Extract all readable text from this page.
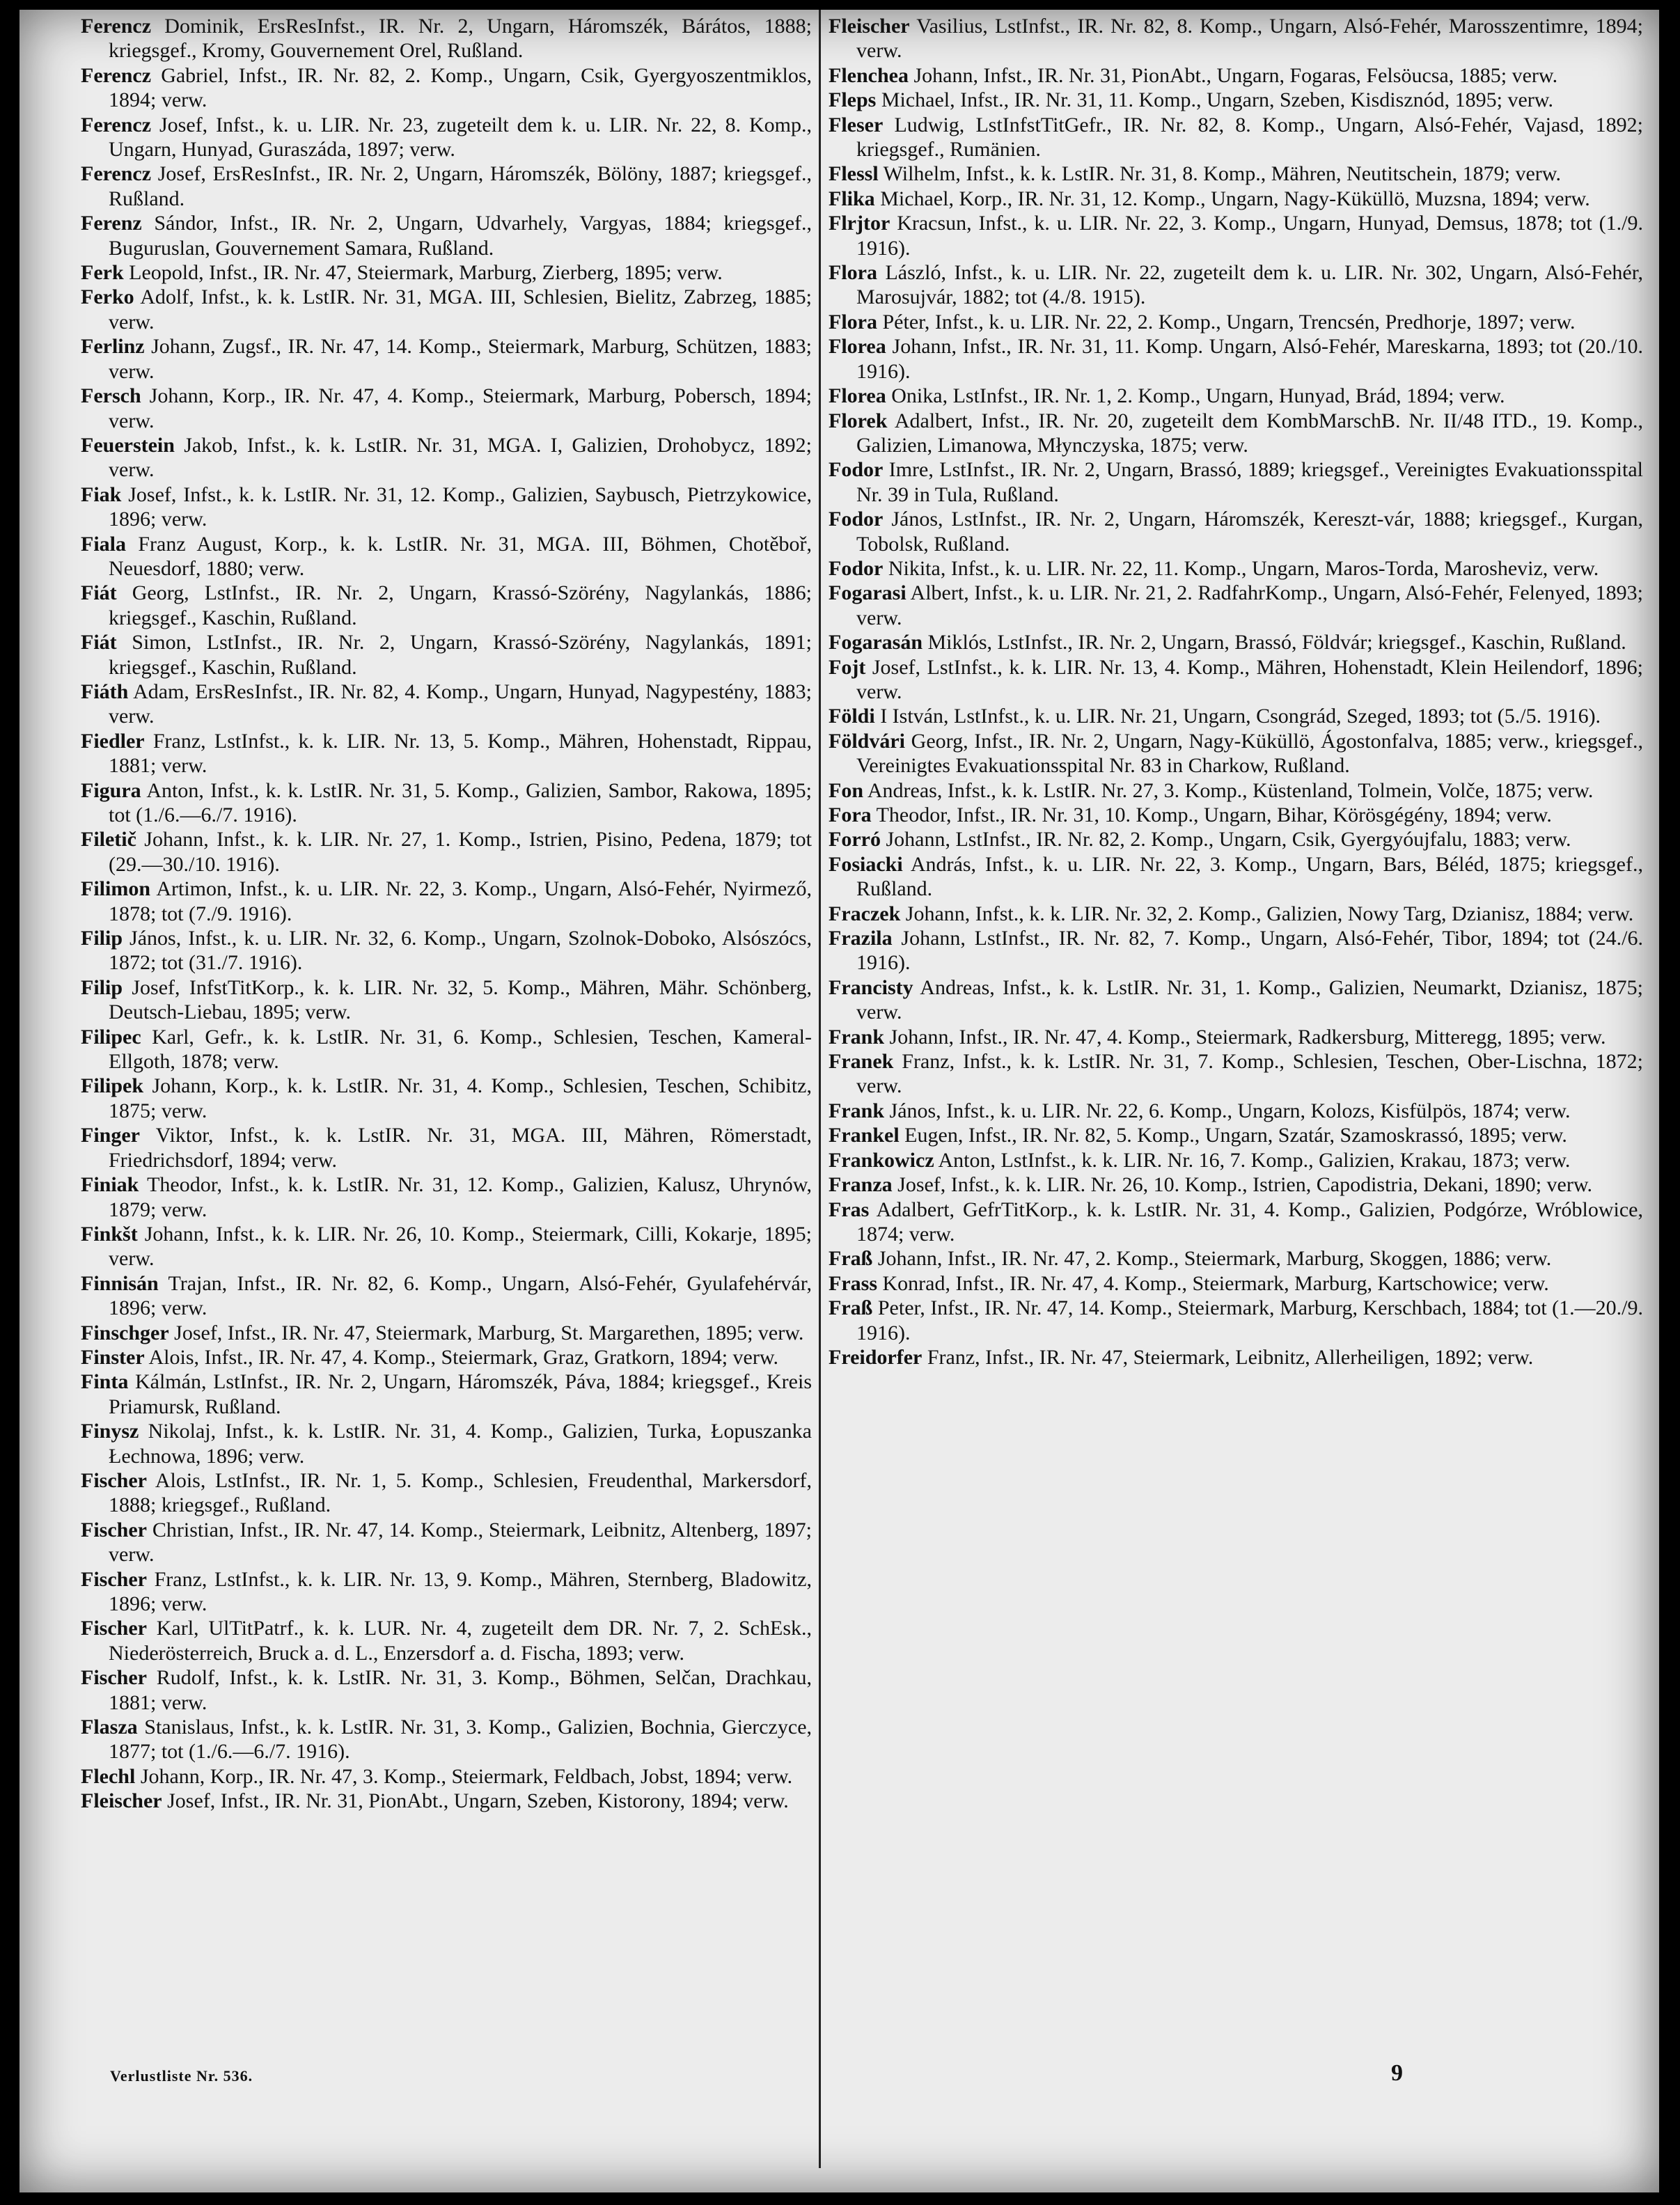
Ferencz Dominik, ErsResInfst., IR. Nr. 2, Ungarn, Háromszék, Bárátos, 1888; kriegsgef., Kromy, Gouvernement Orel, Rußland.

Ferencz Gabriel, Infst., IR. Nr. 82, 2. Komp., Ungarn, Csik, Gyergyoszentmiklos, 1894; verw.

Ferencz Josef, Infst., k. u. LIR. Nr. 23, zugeteilt dem k. u. LIR. Nr. 22, 8. Komp., Ungarn, Hunyad, Guraszáda, 1897; verw.

Ferencz Josef, ErsResInfst., IR. Nr. 2, Ungarn, Háromszék, Bölöny, 1887; kriegsgef., Rußland.

Ferenz Sándor, Infst., IR. Nr. 2, Ungarn, Udvarhely, Vargyas, 1884; kriegsgef., Buguruslan, Gouvernement Samara, Rußland.

Ferk Leopold, Infst., IR. Nr. 47, Steiermark, Marburg, Zierberg, 1895; verw.

Ferko Adolf, Infst., k. k. LstIR. Nr. 31, MGA. III, Schlesien, Bielitz, Zabrzeg, 1885; verw.

Ferlinz Johann, Zugsf., IR. Nr. 47, 14. Komp., Steiermark, Marburg, Schützen, 1883; verw.

Fersch Johann, Korp., IR. Nr. 47, 4. Komp., Steiermark, Marburg, Pobersch, 1894; verw.

Feuerstein Jakob, Infst., k. k. LstIR. Nr. 31, MGA. I, Galizien, Drohobycz, 1892; verw.

Fiak Josef, Infst., k. k. LstIR. Nr. 31, 12. Komp., Galizien, Saybusch, Pietrzykowice, 1896; verw.

Fiala Franz August, Korp., k. k. LstIR. Nr. 31, MGA. III, Böhmen, Chotěboř, Neuesdorf, 1880; verw.

Fiát Georg, LstInfst., IR. Nr. 2, Ungarn, Krassó-Szörény, Nagylankás, 1886; kriegsgef., Kaschin, Rußland.

Fiát Simon, LstInfst., IR. Nr. 2, Ungarn, Krassó-Szörény, Nagylankás, 1891; kriegsgef., Kaschin, Rußland.

Fiáth Adam, ErsResInfst., IR. Nr. 82, 4. Komp., Ungarn, Hunyad, Nagypestény, 1883; verw.

Fiedler Franz, LstInfst., k. k. LIR. Nr. 13, 5. Komp., Mähren, Hohenstadt, Rippau, 1881; verw.

Figura Anton, Infst., k. k. LstIR. Nr. 31, 5. Komp., Galizien, Sambor, Rakowa, 1895; tot (1./6.—6./7. 1916).

Filetič Johann, Infst., k. k. LIR. Nr. 27, 1. Komp., Istrien, Pisino, Pedena, 1879; tot (29.—30./10. 1916).

Filimon Artimon, Infst., k. u. LIR. Nr. 22, 3. Komp., Ungarn, Alsó-Fehér, Nyirmező, 1878; tot (7./9. 1916).

Filip János, Infst., k. u. LIR. Nr. 32, 6. Komp., Ungarn, Szolnok-Doboko, Alsószócs, 1872; tot (31./7. 1916).

Filip Josef, InfstTitKorp., k. k. LIR. Nr. 32, 5. Komp., Mähren, Mähr. Schönberg, Deutsch-Liebau, 1895; verw.

Filipec Karl, Gefr., k. k. LstIR. Nr. 31, 6. Komp., Schlesien, Teschen, Kameral-Ellgoth, 1878; verw.

Filipek Johann, Korp., k. k. LstIR. Nr. 31, 4. Komp., Schlesien, Teschen, Schibitz, 1875; verw.

Finger Viktor, Infst., k. k. LstIR. Nr. 31, MGA. III, Mähren, Römerstadt, Friedrichsdorf, 1894; verw.

Finiak Theodor, Infst., k. k. LstIR. Nr. 31, 12. Komp., Galizien, Kalusz, Uhrynów, 1879; verw.

Finkšt Johann, Infst., k. k. LIR. Nr. 26, 10. Komp., Steiermark, Cilli, Kokarje, 1895; verw.

Finnisán Trajan, Infst., IR. Nr. 82, 6. Komp., Ungarn, Alsó-Fehér, Gyulafehérvár, 1896; verw.

Finschger Josef, Infst., IR. Nr. 47, Steiermark, Marburg, St. Margarethen, 1895; verw.

Finster Alois, Infst., IR. Nr. 47, 4. Komp., Steiermark, Graz, Gratkorn, 1894; verw.

Finta Kálmán, LstInfst., IR. Nr. 2, Ungarn, Háromszék, Páva, 1884; kriegsgef., Kreis Priamursk, Rußland.

Finysz Nikolaj, Infst., k. k. LstIR. Nr. 31, 4. Komp., Galizien, Turka, Łopuszanka Łechnowa, 1896; verw.

Fischer Alois, LstInfst., IR. Nr. 1, 5. Komp., Schlesien, Freudenthal, Markersdorf, 1888; kriegsgef., Rußland.

Fischer Christian, Infst., IR. Nr. 47, 14. Komp., Steiermark, Leibnitz, Altenberg, 1897; verw.

Fischer Franz, LstInfst., k. k. LIR. Nr. 13, 9. Komp., Mähren, Sternberg, Bladowitz, 1896; verw.

Fischer Karl, UlTitPatrf., k. k. LUR. Nr. 4, zugeteilt dem DR. Nr. 7, 2. SchEsk., Niederösterreich, Bruck a. d. L., Enzersdorf a. d. Fischa, 1893; verw.

Fischer Rudolf, Infst., k. k. LstIR. Nr. 31, 3. Komp., Böhmen, Selčan, Drachkau, 1881; verw.

Flasza Stanislaus, Infst., k. k. LstIR. Nr. 31, 3. Komp., Galizien, Bochnia, Gierczyce, 1877; tot (1./6.—6./7. 1916).

Flechl Johann, Korp., IR. Nr. 47, 3. Komp., Steiermark, Feldbach, Jobst, 1894; verw.

Fleischer Josef, Infst., IR. Nr. 31, PionAbt., Ungarn, Szeben, Kistorony, 1894; verw.

Fleischer Vasilius, LstInfst., IR. Nr. 82, 8. Komp., Ungarn, Alsó-Fehér, Marosszentimre, 1894; verw.

Flenchea Johann, Infst., IR. Nr. 31, PionAbt., Ungarn, Fogaras, Felsöucsa, 1885; verw.

Fleps Michael, Infst., IR. Nr. 31, 11. Komp., Ungarn, Szeben, Kisdisznód, 1895; verw.

Fleser Ludwig, LstInfstTitGefr., IR. Nr. 82, 8. Komp., Ungarn, Alsó-Fehér, Vajasd, 1892; kriegsgef., Rumänien.

Flessl Wilhelm, Infst., k. k. LstIR. Nr. 31, 8. Komp., Mähren, Neutitschein, 1879; verw.

Flika Michael, Korp., IR. Nr. 31, 12. Komp., Ungarn, Nagy-Küküllö, Muzsna, 1894; verw.

Flrjtor Kracsun, Infst., k. u. LIR. Nr. 22, 3. Komp., Ungarn, Hunyad, Demsus, 1878; tot (1./9. 1916).

Flora László, Infst., k. u. LIR. Nr. 22, zugeteilt dem k. u. LIR. Nr. 302, Ungarn, Alsó-Fehér, Marosujvár, 1882; tot (4./8. 1915).

Flora Péter, Infst., k. u. LIR. Nr. 22, 2. Komp., Ungarn, Trencsén, Predhorje, 1897; verw.

Florea Johann, Infst., IR. Nr. 31, 11. Komp. Ungarn, Alsó-Fehér, Mareskarna, 1893; tot (20./10. 1916).

Florea Onika, LstInfst., IR. Nr. 1, 2. Komp., Ungarn, Hunyad, Brád, 1894; verw.

Florek Adalbert, Infst., IR. Nr. 20, zugeteilt dem KombMarschB. Nr. II/48 ITD., 19. Komp., Galizien, Limanowa, Młynczyska, 1875; verw.

Fodor Imre, LstInfst., IR. Nr. 2, Ungarn, Brassó, 1889; kriegsgef., Vereinigtes Evakuationsspital Nr. 39 in Tula, Rußland.

Fodor János, LstInfst., IR. Nr. 2, Ungarn, Háromszék, Kereszt-vár, 1888; kriegsgef., Kurgan, Tobolsk, Rußland.

Fodor Nikita, Infst., k. u. LIR. Nr. 22, 11. Komp., Ungarn, Maros-Torda, Marosheviz, verw.

Fogarasi Albert, Infst., k. u. LIR. Nr. 21, 2. RadfahrKomp., Ungarn, Alsó-Fehér, Felenyed, 1893; verw.

Fogarasán Miklós, LstInfst., IR. Nr. 2, Ungarn, Brassó, Földvár; kriegsgef., Kaschin, Rußland.

Fojt Josef, LstInfst., k. k. LIR. Nr. 13, 4. Komp., Mähren, Hohenstadt, Klein Heilendorf, 1896; verw.

Földi I István, LstInfst., k. u. LIR. Nr. 21, Ungarn, Csongrád, Szeged, 1893; tot (5./5. 1916).

Földvári Georg, Infst., IR. Nr. 2, Ungarn, Nagy-Küküllö, Ágostonfalva, 1885; verw., kriegsgef., Vereinigtes Evakuationsspital Nr. 83 in Charkow, Rußland.

Fon Andreas, Infst., k. k. LstIR. Nr. 27, 3. Komp., Küstenland, Tolmein, Volče, 1875; verw.

Fora Theodor, Infst., IR. Nr. 31, 10. Komp., Ungarn, Bihar, Körösgégény, 1894; verw.

Forró Johann, LstInfst., IR. Nr. 82, 2. Komp., Ungarn, Csik, Gyergyóujfalu, 1883; verw.

Fosiacki András, Infst., k. u. LIR. Nr. 22, 3. Komp., Ungarn, Bars, Béléd, 1875; kriegsgef., Rußland.

Fraczek Johann, Infst., k. k. LIR. Nr. 32, 2. Komp., Galizien, Nowy Targ, Dzianisz, 1884; verw.

Frazila Johann, LstInfst., IR. Nr. 82, 7. Komp., Ungarn, Alsó-Fehér, Tibor, 1894; tot (24./6. 1916).

Francisty Andreas, Infst., k. k. LstIR. Nr. 31, 1. Komp., Galizien, Neumarkt, Dzianisz, 1875; verw.

Frank Johann, Infst., IR. Nr. 47, 4. Komp., Steiermark, Radkersburg, Mitteregg, 1895; verw.

Franek Franz, Infst., k. k. LstIR. Nr. 31, 7. Komp., Schlesien, Teschen, Ober-Lischna, 1872; verw.

Frank János, Infst., k. u. LIR. Nr. 22, 6. Komp., Ungarn, Kolozs, Kisfülpös, 1874; verw.

Frankel Eugen, Infst., IR. Nr. 82, 5. Komp., Ungarn, Szatár, Szamoskrassó, 1895; verw.

Frankowicz Anton, LstInfst., k. k. LIR. Nr. 16, 7. Komp., Galizien, Krakau, 1873; verw.

Franza Josef, Infst., k. k. LIR. Nr. 26, 10. Komp., Istrien, Capodistria, Dekani, 1890; verw.

Fras Adalbert, GefrTitKorp., k. k. LstIR. Nr. 31, 4. Komp., Galizien, Podgórze, Wróblowice, 1874; verw.

Fraß Johann, Infst., IR. Nr. 47, 2. Komp., Steiermark, Marburg, Skoggen, 1886; verw.

Frass Konrad, Infst., IR. Nr. 47, 4. Komp., Steiermark, Marburg, Kartschowice; verw.

Fraß Peter, Infst., IR. Nr. 47, 14. Komp., Steiermark, Marburg, Kerschbach, 1884; tot (1.—20./9. 1916).

Freidorfer Franz, Infst., IR. Nr. 47, Steiermark, Leibnitz, Allerheiligen, 1892; verw.

Verlustliste Nr. 536.	9
